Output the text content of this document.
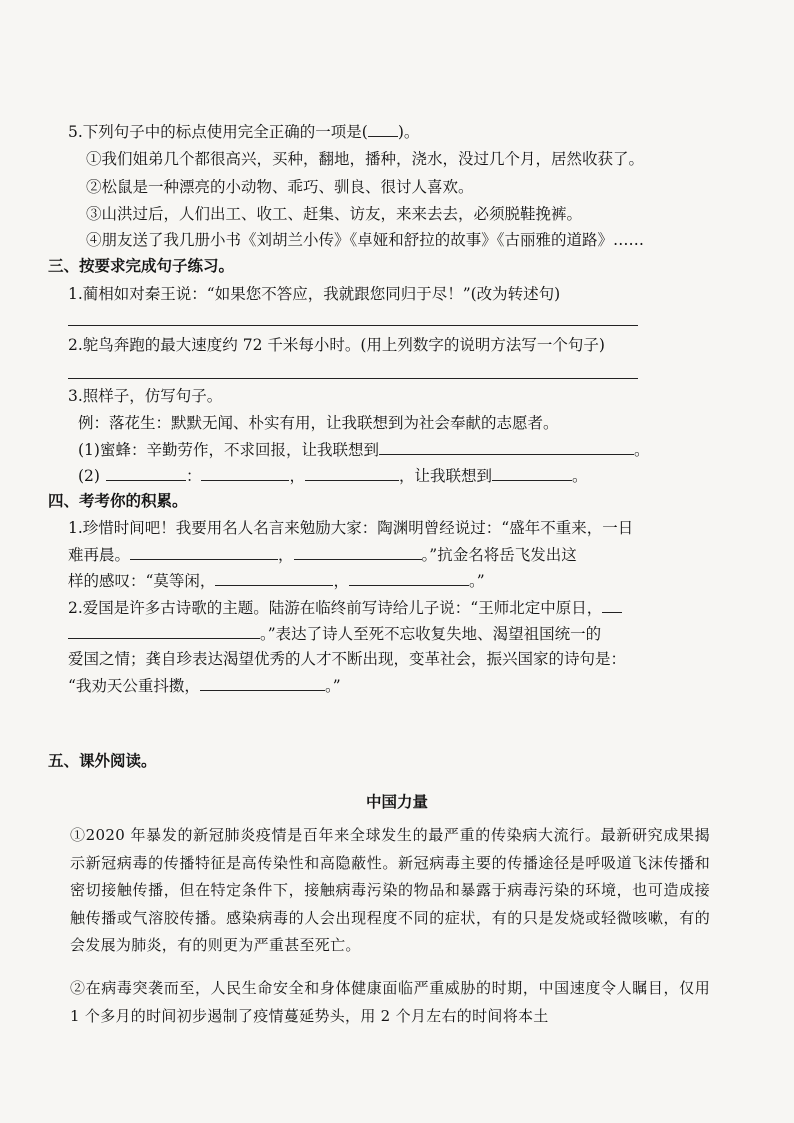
5.下列句子中的标点使用完全正确的一项是( )。
①我们姐弟几个都很高兴，买种，翻地，播种，浇水，没过几个月，居然收获了。
②松鼠是一种漂亮的小动物、乖巧、驯良、很讨人喜欢。
③山洪过后，人们出工、收工、赶集、访友，来来去去，必须脱鞋挽裤。
④朋友送了我几册小书《刘胡兰小传》《卓娅和舒拉的故事》《古丽雅的道路》……
三、按要求完成句子练习。
1.蔺相如对秦王说：“如果您不答应，我就跟您同归于尽！”(改为转述句)
2.鸵鸟奔跑的最大速度约 72 千米每小时。(用上列数字的说明方法写一个句子)
3.照样子，仿写句子。
例：落花生：默默无闻、朴实有用，让我联想到为社会奉献的志愿者。
(1)蜜蜂：辛勤劳作，不求回报，让我联想到	。
(2)	：	，	，让我联想到	。
四、考考你的积累。
1.珍惜时间吧！我要用名人名言来勉励大家：陶渊明曾经说过：“盛年不重来，一日
难再晨。	，	。”抗金名将岳飞发出这
样的感叹：“莫等闲，	，	。”
2.爱国是许多古诗歌的主题。陆游在临终前写诗给儿子说：“王师北定中原日，
。”表达了诗人至死不忘收复失地、渴望祖国统一的
爱国之情；龚自珍表达渴望优秀的人才不断出现，变革社会，振兴国家的诗句是：
“我劝天公重抖擞，	。”
五、课外阅读。
中国力量
①2020 年暴发的新冠肺炎疫情是百年来全球发生的最严重的传染病大流行。最新研究成果揭示新冠病毒的传播特征是高传染性和高隐蔽性。新冠病毒主要的传播途径是呼吸道飞沫传播和密切接触传播，但在特定条件下，接触病毒污染的物品和暴露于病毒污染的环境，也可造成接触传播或气溶胶传播。感染病毒的人会出现程度不同的症状，有的只是发烧或轻微咳嗽，有的会发展为肺炎，有的则更为严重甚至死亡。
②在病毒突袭而至，人民生命安全和身体健康面临严重威胁的时期，中国速度令人瞩目，仅用 1 个多月的时间初步遏制了疫情蔓延势头，用 2 个月左右的时间将本土
